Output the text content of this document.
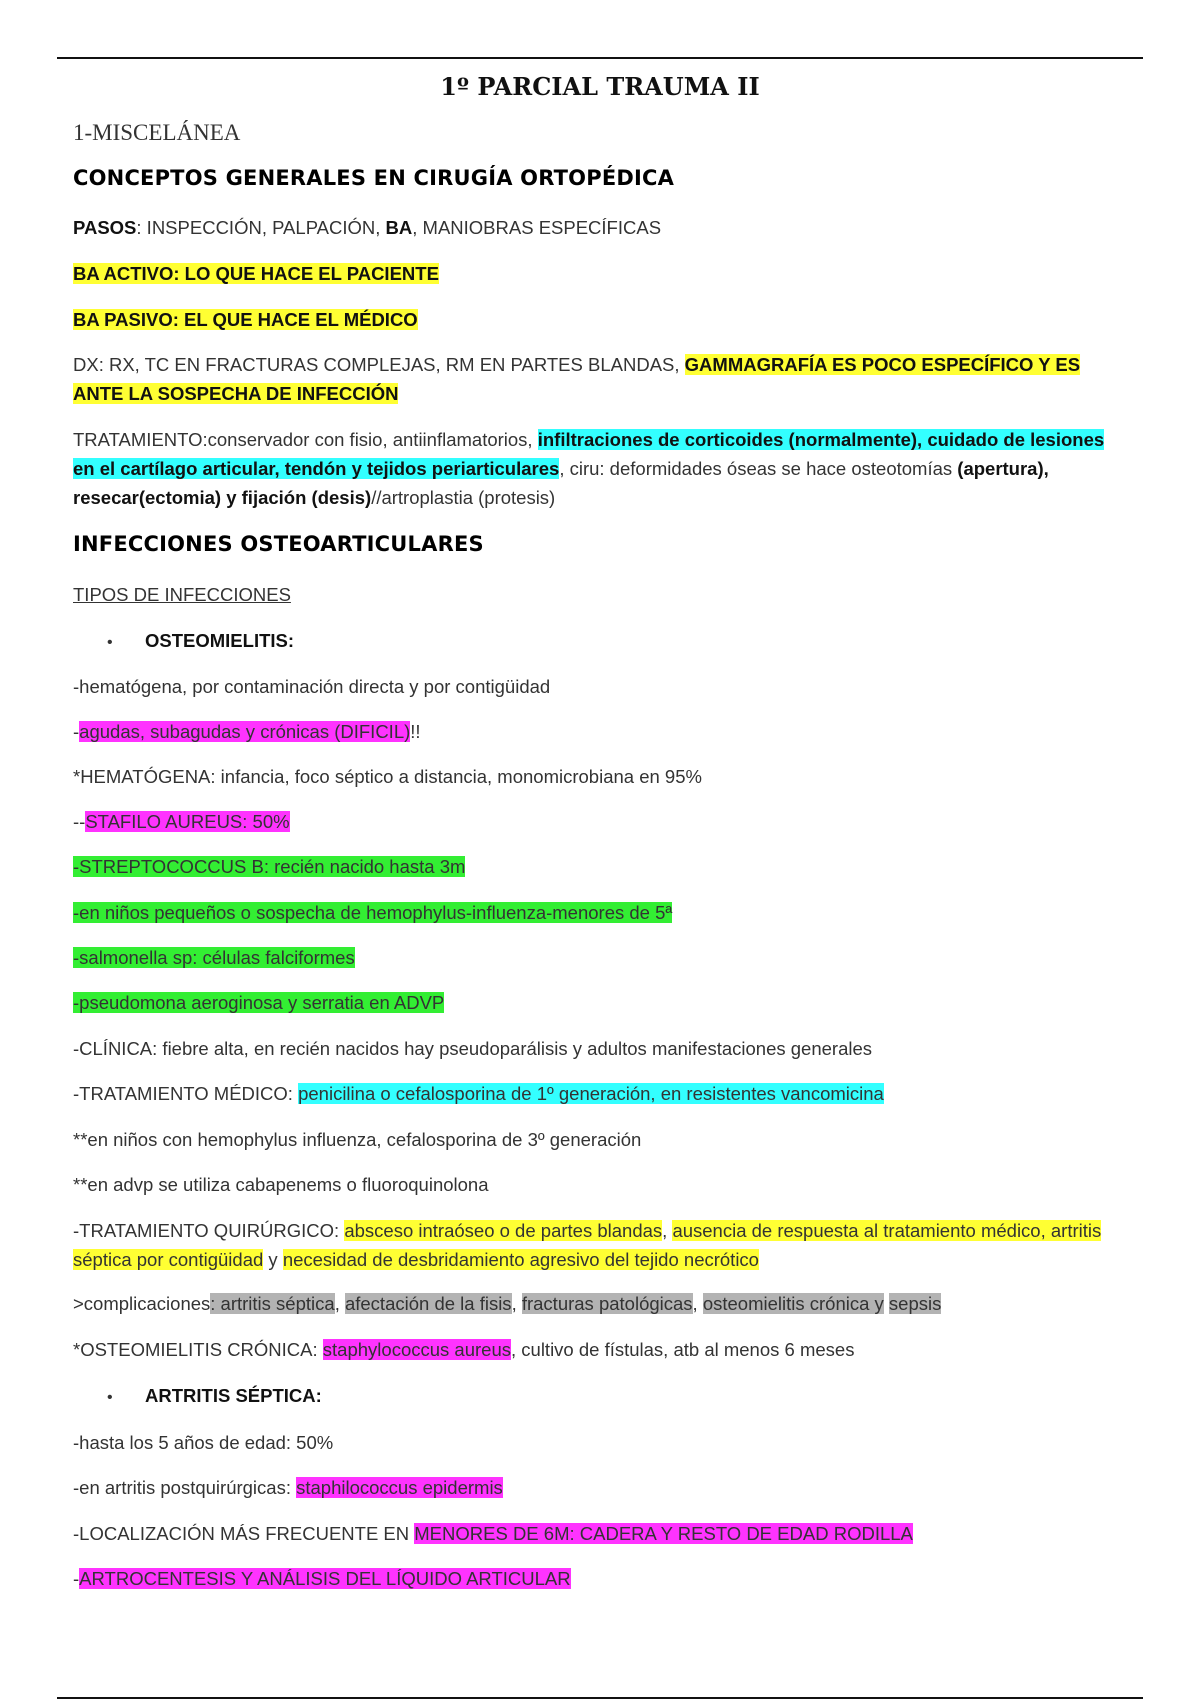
1º PARCIAL TRAUMA II
1-MISCELÁNEA
CONCEPTOS GENERALES EN CIRUGÍA ORTOPÉDICA
PASOS: INSPECCIÓN, PALPACIÓN, BA, MANIOBRAS ESPECÍFICAS
BA ACTIVO: LO QUE HACE EL PACIENTE
BA PASIVO: EL QUE HACE EL MÉDICO
DX: RX, TC EN FRACTURAS COMPLEJAS, RM EN PARTES BLANDAS, GAMMAGRAFÍA ES POCO ESPECÍFICO Y ES ANTE LA SOSPECHA DE INFECCIÓN
TRATAMIENTO:conservador con fisio, antiinflamatorios, infiltraciones de corticoides (normalmente), cuidado de lesiones en el cartílago articular, tendón y tejidos periarticulares, ciru: deformidades óseas se hace osteotomías (apertura), resecar(ectomia) y fijación (desis)//artroplastia (protesis)
INFECCIONES OSTEOARTICULARES
TIPOS DE INFECCIONES
• OSTEOMIELITIS:
-hematógena, por contaminación directa y por contigüidad
-agudas, subagudas y crónicas (DIFICIL)!!
*HEMATÓGENA: infancia, foco séptico a distancia, monomicrobiana en 95%
--STAFILO AUREUS: 50%
-STREPTOCOCCUS B: recién nacido hasta 3m
-en niños pequeños o sospecha de hemophylus-influenza-menores de 5ª
-salmonella sp: células falciformes
-pseudomona aeroginosa y serratia en ADVP
-CLÍNICA: fiebre alta, en recién nacidos hay pseudoparálisis y adultos manifestaciones generales
-TRATAMIENTO MÉDICO: penicilina o cefalosporina de 1º generación, en resistentes vancomicina
**en niños con hemophylus influenza, cefalosporina de 3º generación
**en advp se utiliza cabapenems o fluoroquinolona
-TRATAMIENTO QUIRÚRGICO: absceso intraóseo o de partes blandas, ausencia de respuesta al tratamiento médico, artritis séptica por contigüidad y necesidad de desbridamiento agresivo del tejido necrótico
>complicaciones: artritis séptica, afectación de la fisis, fracturas patológicas, osteomielitis crónica y sepsis
*OSTEOMIELITIS CRÓNICA: staphylococcus aureus, cultivo de fístulas, atb al menos 6 meses
• ARTRITIS SÉPTICA:
-hasta los 5 años de edad: 50%
-en artritis postquirúrgicas: staphilococcus epidermis
-LOCALIZACIÓN MÁS FRECUENTE EN MENORES DE 6M: CADERA Y RESTO DE EDAD RODILLA
-ARTROCENTESIS Y ANÁLISIS DEL LÍQUIDO ARTICULAR
